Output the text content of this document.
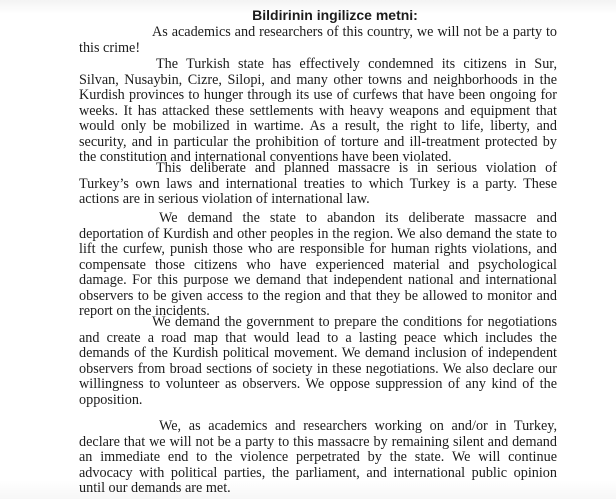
Bildirinin ingilizce metni:

As academics and researchers of this country, we will not be a party to this crime!

The Turkish state has effectively condemned its citizens in Sur, Silvan, Nusaybin, Cizre, Silopi, and many other towns and neighborhoods in the Kurdish provinces to hunger through its use of curfews that have been ongoing for weeks. It has attacked these settlements with heavy weapons and equipment that would only be mobilized in wartime. As a result, the right to life, liberty, and security, and in particular the prohibition of torture and ill-treatment protected by the constitution and international conventions have been violated.

This deliberate and planned massacre is in serious violation of Turkey’s own laws and international treaties to which Turkey is a party. These actions are in serious violation of international law.

We demand the state to abandon its deliberate massacre and deportation of Kurdish and other peoples in the region. We also demand the state to lift the curfew, punish those who are responsible for human rights violations, and compensate those citizens who have experienced material and psychological damage. For this purpose we demand that independent national and international observers to be given access to the region and that they be allowed to monitor and report on the incidents.

We demand the government to prepare the conditions for negotiations and create a road map that would lead to a lasting peace which includes the demands of the Kurdish political movement. We demand inclusion of independent observers from broad sections of society in these negotiations. We also declare our willingness to volunteer as observers. We oppose suppression of any kind of the opposition.

We, as academics and researchers working on and/or in Turkey, declare that we will not be a party to this massacre by remaining silent and demand an immediate end to the violence perpetrated by the state. We will continue advocacy with political parties, the parliament, and international public opinion until our demands are met.
